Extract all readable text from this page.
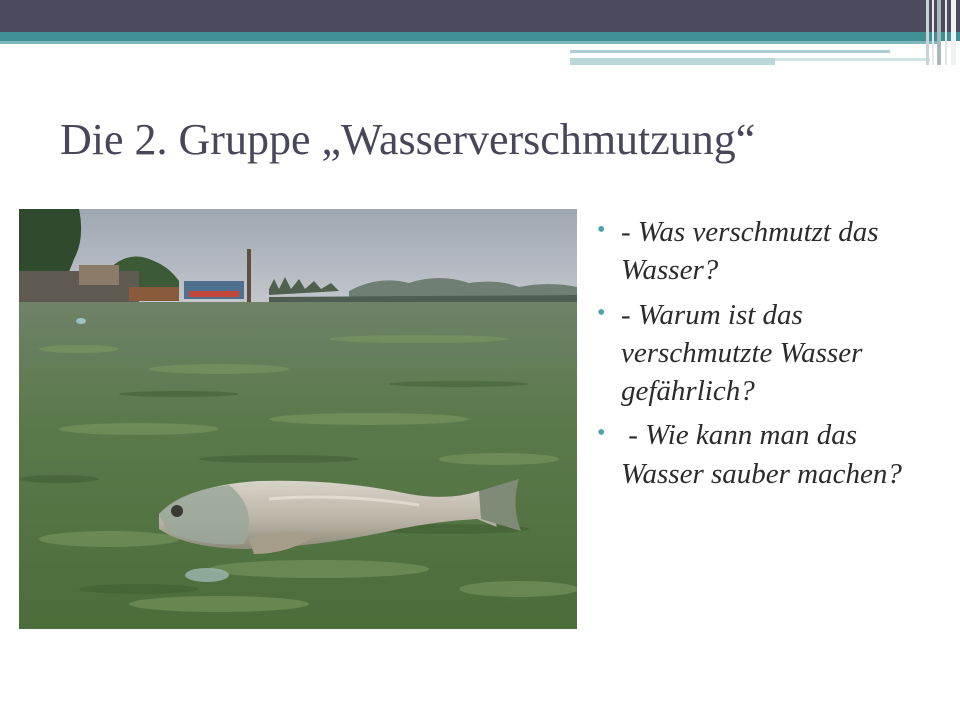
Die 2. Gruppe „Wasserverschmutzung“
• - Was verschmutzt das Wasser?
• - Warum ist das verschmutzte Wasser gefährlich?
• - Wie kann man das Wasser sauber machen?
